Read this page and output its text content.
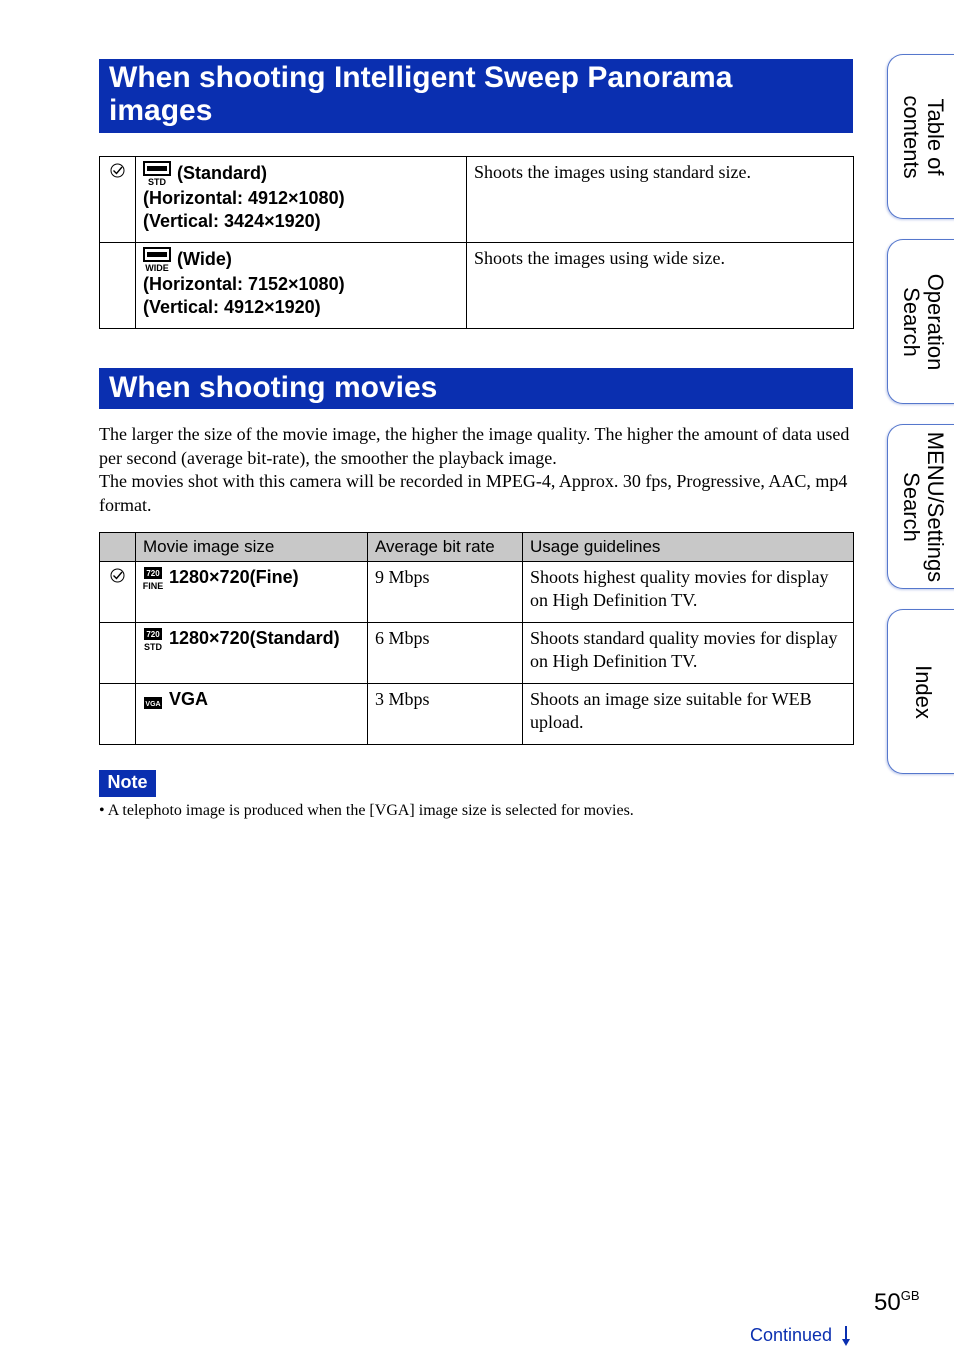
When shooting Intelligent Sweep Panorama images

STD (Standard)
(Horizontal: 4912×1080)
(Vertical: 3424×1920)	Shoots the images using standard size.

WIDE (Wide)
(Horizontal: 7152×1080)
(Vertical: 4912×1920)	Shoots the images using wide size.
When shooting movies

The larger the size of the movie image, the higher the image quality. The higher the amount of data used per second (average bit-rate), the smoother the playback image.

The movies shot with this camera will be recorded in MPEG-4, Approx. 30 fps, Progressive, AAC, mp4 format.

	Movie image size	Average bit rate	Usage guidelines

720
FINE 1280×720(Fine)	9 Mbps	Shoots highest quality movies for display on High Definition TV.

720
STD 1280×720(Standard)	6 Mbps	Shoots standard quality movies for display on High Definition TV.

VGA VGA	3 Mbps	Shoots an image size suitable for WEB upload.
Note
• A telephoto image is produced when the [VGA] image size is selected for movies.
Table of contents
Operation Search
MENU/Settings Search
Index
$50^{GB}$
Continued
